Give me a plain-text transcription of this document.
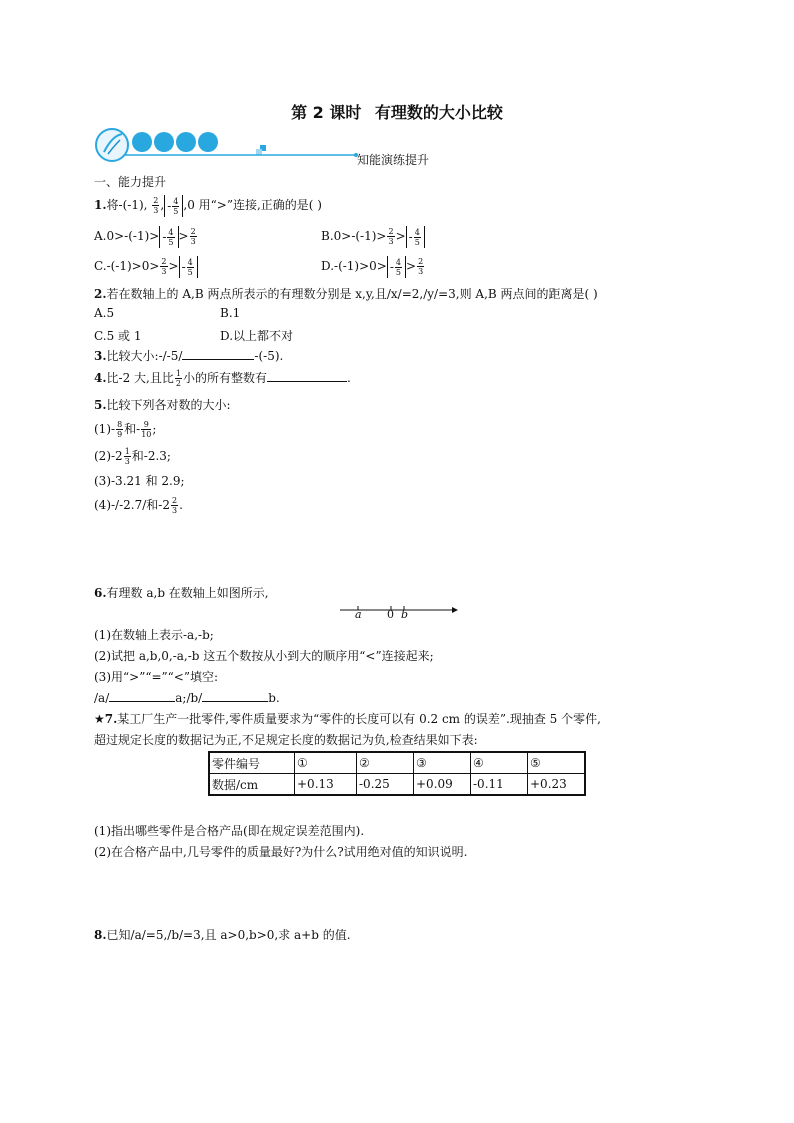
第 2 课时 有理数的大小比较
知能演练提升
一、能力提升
1.将-(-1), $\frac{2}{3}$ , - $\frac{4}{5} ,0$ 用“>”连接,正确的是( )
$A.0>-(-1)> - \frac{4}{5} > \frac{2}{3}$	$B.0>-(-1)> \frac{2}{3}$ > - $\frac{4}{5}$
$C.-(-1)>0> \frac{2}{3}$ > - $\frac{4}{5}$	$D.-(-1)>0> - \frac{4}{5} > \frac{2}{3}$
2.若在数轴上的 A,B 两点所表示的有理数分别是 x,y,且/x/=2,/y/=3,则 A,B 两点间的距离是( )
A.5	B.1
C.5 或 1	D.以上都不对
3.比较大小:-/-5/	-(-5).
4.比-2 大,且比 $\frac{1}{2}$ 小的所有整数有	.
5.比较下列各对数的大小:
$(1)- \frac{8}{9}$ 和- $\frac{9}{10}$ ;
$(2)-2 \frac{1}{3}$ 和-2.3;
(3)-3.21 和 2.9;
(4)-/-2.7/和$-2 \frac{2}{3}$ .
6.有理数 a,b 在数轴上如图所示,
a 0 b
(1)在数轴上表示-a,-b;
(2)试把 a,b,0,-a,-b 这五个数按从小到大的顺序用“<”连接起来;
(3)用“>”“=”“<”填空:
/a/	a;/b/	b.
★7.某工厂生产一批零件,零件质量要求为“零件的长度可以有 0.2 cm 的误差”.现抽查 5 个零件,
超过规定长度的数据记为正,不足规定长度的数据记为负,检查结果如下表:
零件编号	①	②	③	④	⑤
数据/cm	+0.13	-0.25	+0.09	-0.11	+0.23
(1)指出哪些零件是合格产品(即在规定误差范围内).
(2)在合格产品中,几号零件的质量最好?为什么?试用绝对值的知识说明.
8.已知/a/=5,/b/=3,且 a>0,b>0,求 a+b 的值.
